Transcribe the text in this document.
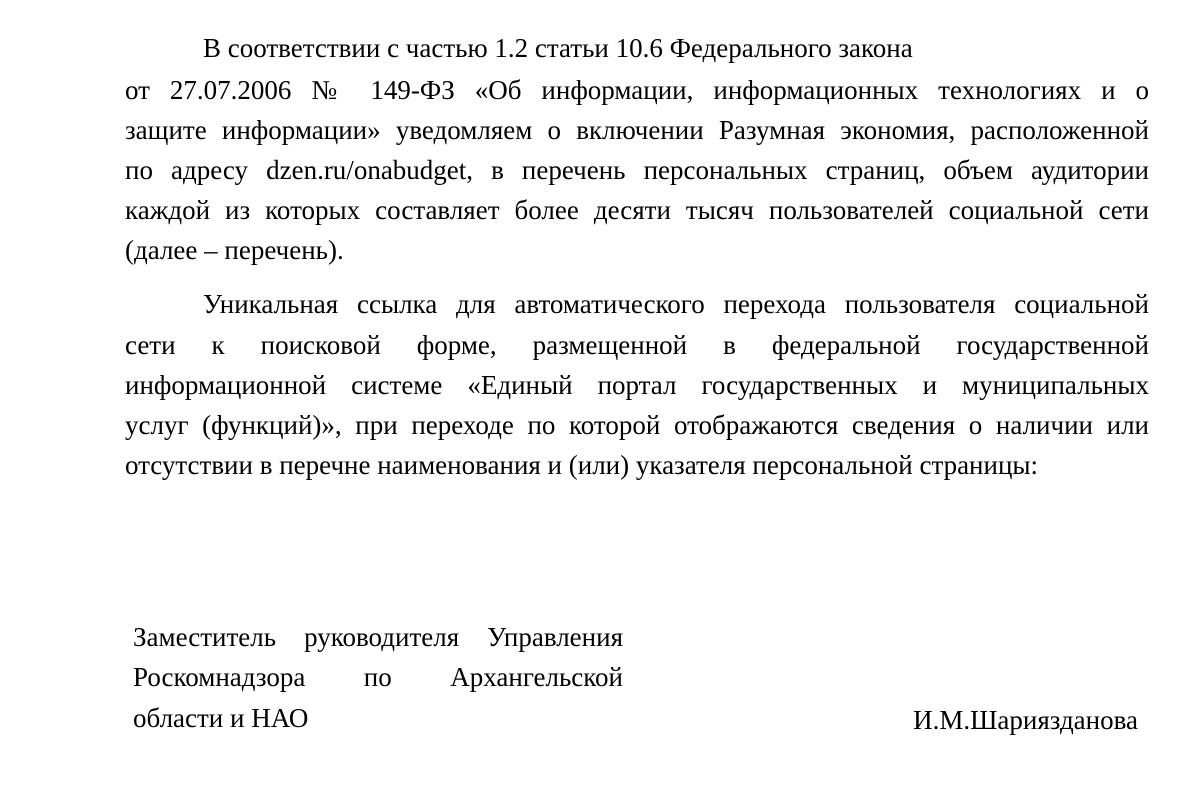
В соответствии с частью 1.2 статьи 10.6 Федерального закона

от 27.07.2006 № 149-ФЗ «Об информации, информационных технологиях и о

защите информации» уведомляем о включении Разумная экономия, расположенной

по адресу dzen.ru/onabudget, в перечень персональных страниц, объем аудитории

каждой из которых составляет более десяти тысяч пользователей социальной сети

(далее – перечень).

Уникальная ссылка для автоматического перехода пользователя социальной

сети к поисковой форме, размещенной в федеральной государственной

информационной системе «Единый портал государственных и муниципальных

услуг (функций)», при переходе по которой отображаются сведения о наличии или

отсутствии в перечне наименования и (или) указателя персональной страницы:

Заместитель руководителя Управления

Роскомнадзора по Архангельской

области и НАО	И.М.Шариязданова
